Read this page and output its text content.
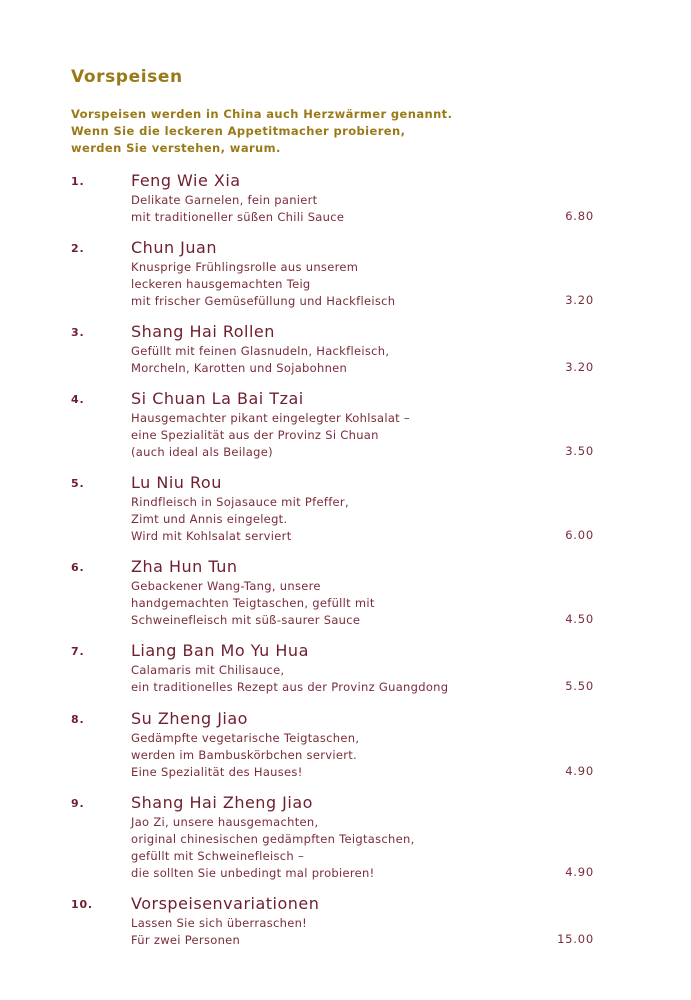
Vorspeisen
Vorspeisen werden in China auch Herzwärmer genannt.
Wenn Sie die leckeren Appetitmacher probieren,
werden Sie verstehen, warum.
1.	Feng Wie Xia
Delikate Garnelen, fein paniert
mit traditioneller süßen Chili Sauce	6.80
2.	Chun Juan
Knusprige Frühlingsrolle aus unserem
leckeren hausgemachten Teig
mit frischer Gemüsefüllung und Hackfleisch	3.20
3.	Shang Hai Rollen
Gefüllt mit feinen Glasnudeln, Hackfleisch,
Morcheln, Karotten und Sojabohnen	3.20
4.	Si Chuan La Bai Tzai
Hausgemachter pikant eingelegter Kohlsalat –
eine Spezialität aus der Provinz Si Chuan
(auch ideal als Beilage)	3.50
5.	Lu Niu Rou
Rindfleisch in Sojasauce mit Pfeffer,
Zimt und Annis eingelegt.
Wird mit Kohlsalat serviert	6.00
6.	Zha Hun Tun
Gebackener Wang-Tang, unsere
handgemachten Teigtaschen, gefüllt mit
Schweinefleisch mit süß-saurer Sauce	4.50
7.	Liang Ban Mo Yu Hua
Calamaris mit Chilisauce,
ein traditionelles Rezept aus der Provinz Guangdong	5.50
8.	Su Zheng Jiao
Gedämpfte vegetarische Teigtaschen,
werden im Bambuskörbchen serviert.
Eine Spezialität des Hauses!	4.90
9.	Shang Hai Zheng Jiao
Jao Zi, unsere hausgemachten,
original chinesischen gedämpften Teigtaschen,
gefüllt mit Schweinefleisch –
die sollten Sie unbedingt mal probieren!	4.90
10. Vorspeisenvariationen
Lassen Sie sich überraschen!
Für zwei Personen	15.00
